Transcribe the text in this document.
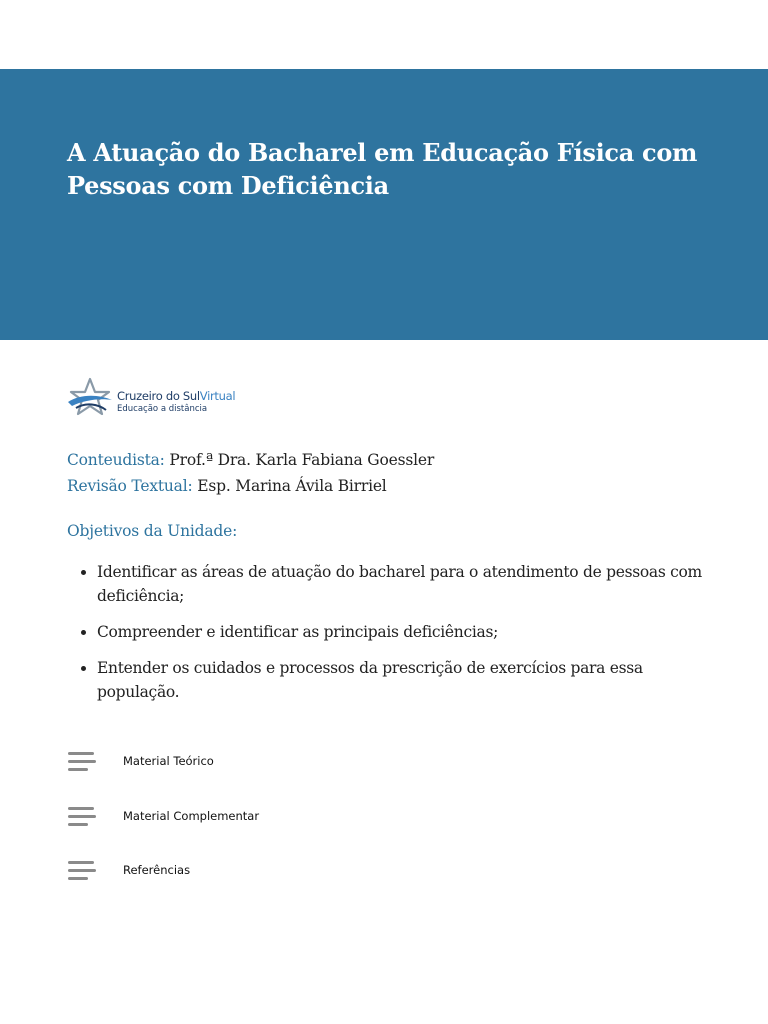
A Atuação do Bacharel em Educação Física com Pessoas com Deficiência
Cruzeiro do SulVirtual
Educação a distância
Conteudista: Prof.ª Dra. Karla Fabiana Goessler
Revisão Textual: Esp. Marina Ávila Birriel
Objetivos da Unidade:
Identificar as áreas de atuação do bacharel para o atendimento de pessoas com deficiência;
Compreender e identificar as principais deficiências;
Entender os cuidados e processos da prescrição de exercícios para essa população.
Material Teórico
Material Complementar
Referências
